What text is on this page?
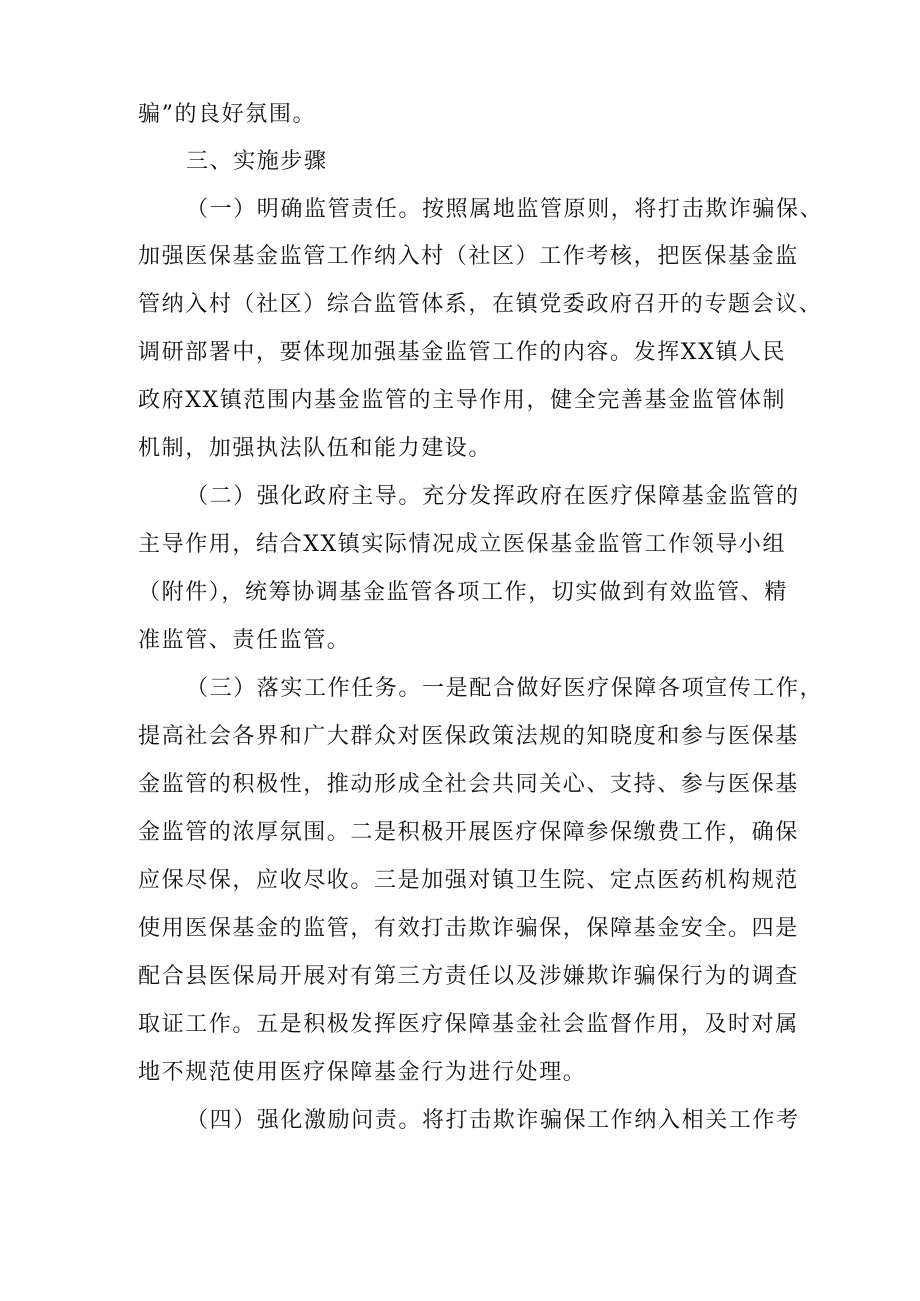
骗”的良好氛围。
三、实施步骤
（一）明确监管责任。按照属地监管原则，将打击欺诈骗保、
加强医保基金监管工作纳入村（社区）工作考核，把医保基金监
管纳入村（社区）综合监管体系，在镇党委政府召开的专题会议、
调研部署中，要体现加强基金监管工作的内容。发挥XX镇人民
政府XX镇范围内基金监管的主导作用，健全完善基金监管体制
机制，加强执法队伍和能力建设。
（二）强化政府主导。充分发挥政府在医疗保障基金监管的
主导作用，结合XX镇实际情况成立医保基金监管工作领导小组
（附件），统筹协调基金监管各项工作，切实做到有效监管、精
准监管、责任监管。
（三）落实工作任务。一是配合做好医疗保障各项宣传工作，
提高社会各界和广大群众对医保政策法规的知晓度和参与医保基
金监管的积极性，推动形成全社会共同关心、支持、参与医保基
金监管的浓厚氛围。二是积极开展医疗保障参保缴费工作，确保
应保尽保，应收尽收。三是加强对镇卫生院、定点医药机构规范
使用医保基金的监管，有效打击欺诈骗保，保障基金安全。四是
配合县医保局开展对有第三方责任以及涉嫌欺诈骗保行为的调查
取证工作。五是积极发挥医疗保障基金社会监督作用，及时对属
地不规范使用医疗保障基金行为进行处理。
（四）强化激励问责。将打击欺诈骗保工作纳入相关工作考
